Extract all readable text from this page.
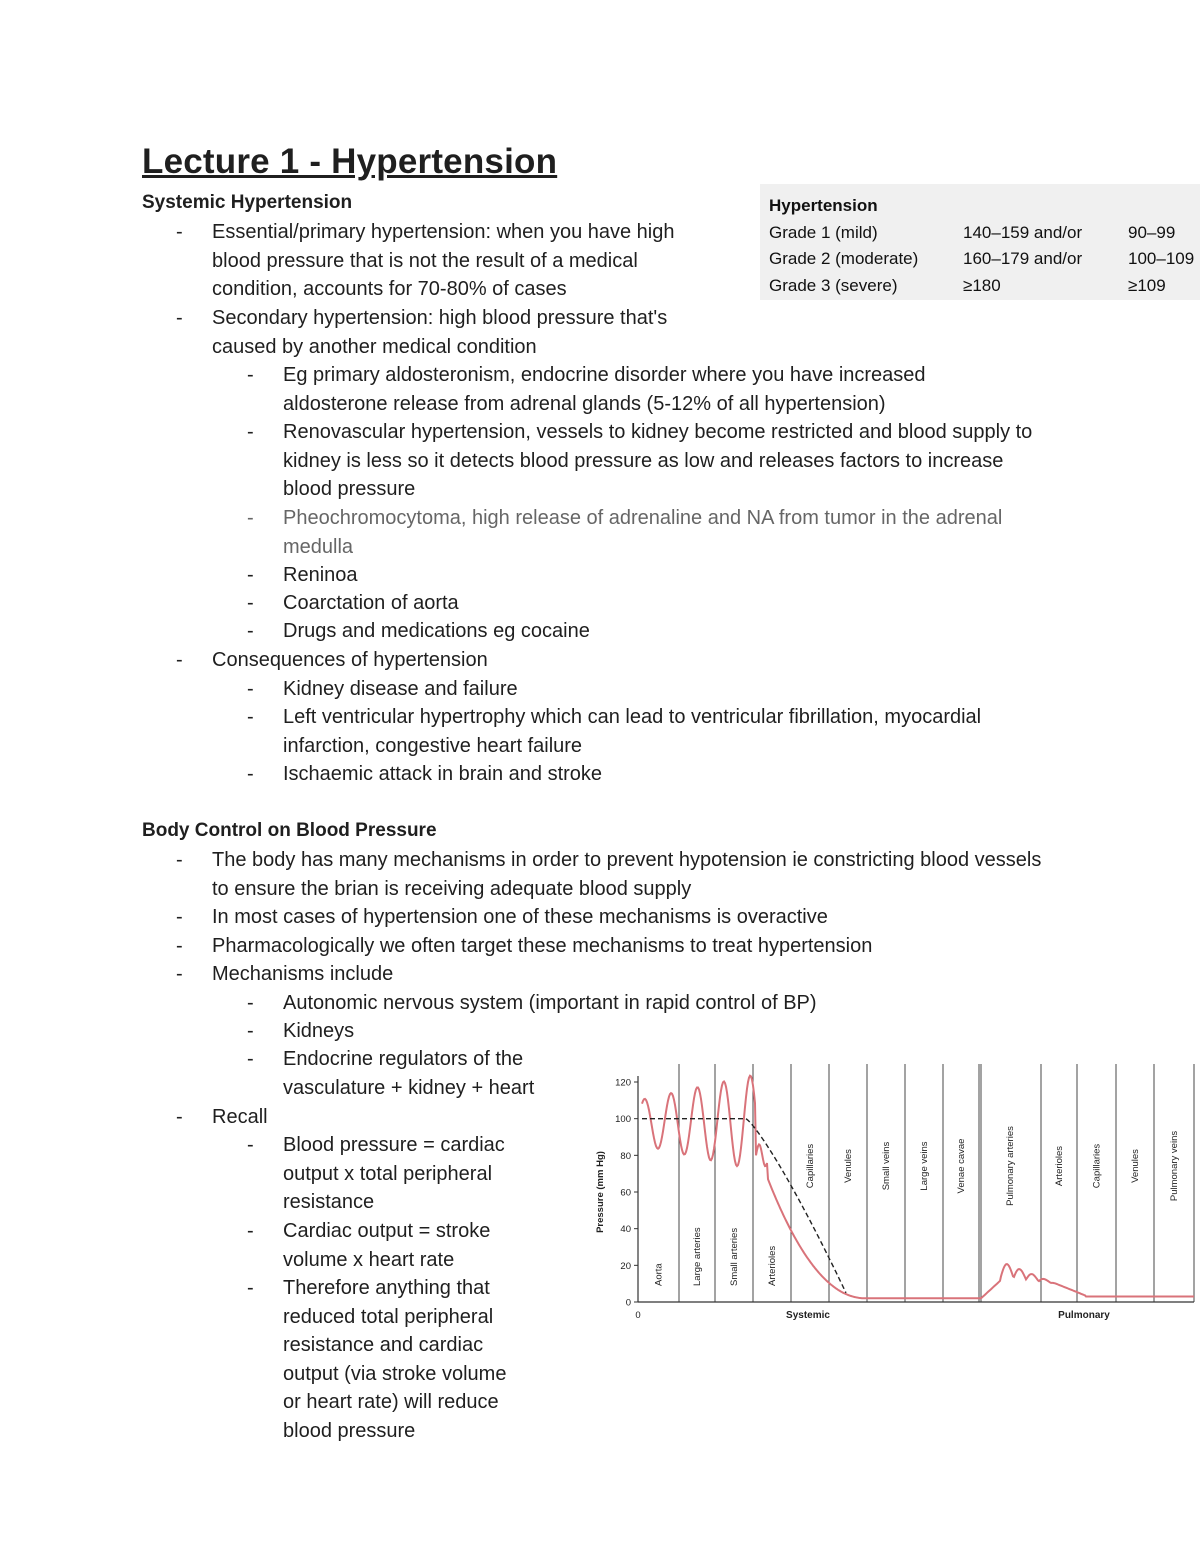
Lecture 1 - Hypertension
Systemic Hypertension
- Essential/primary hypertension: when you have high blood pressure that is not the result of a medical condition, accounts for 70-80% of cases
- Secondary hypertension: high blood pressure that's caused by another medical condition
- Eg primary aldosteronism, endocrine disorder where you have increased aldosterone release from adrenal glands (5-12% of all hypertension)
- Renovascular hypertension, vessels to kidney become restricted and blood supply to kidney is less so it detects blood pressure as low and releases factors to increase blood pressure
- Pheochromocytoma, high release of adrenaline and NA from tumor in the adrenal medulla
- Reninoa
- Coarctation of aorta
- Drugs and medications eg cocaine
- Consequences of hypertension
- Kidney disease and failure
- Left ventricular hypertrophy which can lead to ventricular fibrillation, myocardial infarction, congestive heart failure
- Ischaemic attack in brain and stroke
Body Control on Blood Pressure
- The body has many mechanisms in order to prevent hypotension ie constricting blood vessels to ensure the brian is receiving adequate blood supply
- In most cases of hypertension one of these mechanisms is overactive
- Pharmacologically we often target these mechanisms to treat hypertension
- Mechanisms include
- Autonomic nervous system (important in rapid control of BP)
- Kidneys
- Endocrine regulators of the vasculature + kidney + heart
- Recall
- Blood pressure = cardiac output x total peripheral resistance
- Cardiac output = stroke volume x heart rate
- Therefore anything that reduced total peripheral resistance and cardiac output (via stroke volume or heart rate) will reduce blood pressure
Hypertension
Grade 1 (mild)	140–159 and/or	90–99
Grade 2 (moderate)	160–179 and/or	100–109
Grade 3 (severe)	≥180	≥109
0
20
40
60
80
100
120
Pressure (mm Hg)
0
Aorta	Large arteries	Small arteries	Arterioles
Capillaries	Venules	Small veins	Large veins	Venae cavae	Pulmonary arteries	Arterioles	Capillaries	Venules	Pulmonary veins
Systemic	Pulmonary
